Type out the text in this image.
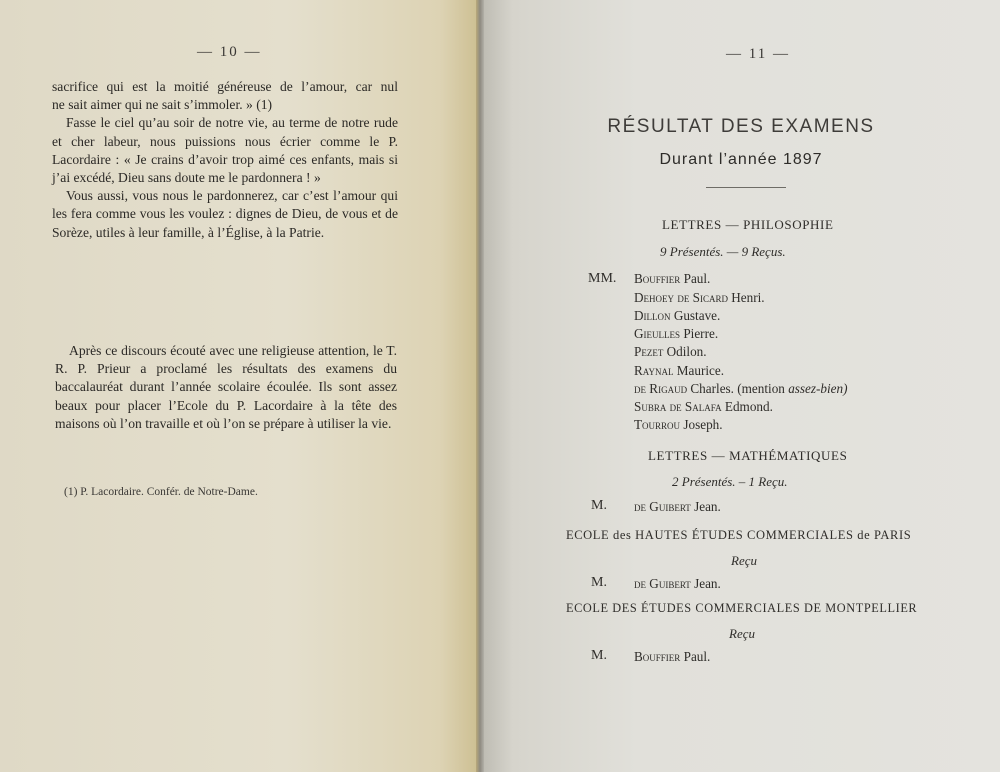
— 10 —

sacrifice qui est la moitié généreuse de l’amour, car nul

ne sait aimer qui ne sait s’immoler. » (1)

Fasse le ciel qu’au soir de notre vie, au terme de notre rude et cher labeur, nous puissions nous écrier comme le P. Lacordaire : « Je crains d’avoir trop aimé ces enfants, mais si j’ai excédé, Dieu sans doute me le pardonnera ! »

Vous aussi, vous nous le pardonnerez, car c’est l’amour qui les fera comme vous les voulez : dignes de Dieu, de vous et de Sorèze, utiles à leur famille, à l’Église, à la Patrie.

Après ce discours écouté avec une religieuse attention, le T. R. P. Prieur a proclamé les résultats des examens du baccalauréat durant l’année scolaire écoulée. Ils sont assez beaux pour placer l’Ecole du P. Lacordaire à la tête des maisons où l’on travaille et où l’on se prépare à utiliser la vie.

(1) P. Lacordaire. Confér. de Notre-Dame.
— 11 —
RÉSULTAT DES EXAMENS
Durant l’année 1897
LETTRES — PHILOSOPHIE
9 Présentés. — 9 Reçus.
MM. Bouffier Paul.
Dehoey de Sicard Henri.
Dillon Gustave.
Gieulles Pierre.
Pezet Odilon.
Raynal Maurice.
de Rigaud Charles. (mention assez-bien)
Subra de Salafa Edmond.
Tourrou Joseph.
LETTRES — MATHÉMATIQUES
2 Présentés. – 1 Reçu.
M. de Guibert Jean.
ECOLE des HAUTES ÉTUDES COMMERCIALES de PARIS
Reçu
M. de Guibert Jean.
ECOLE DES ÉTUDES COMMERCIALES DE MONTPELLIER
Reçu
M. Bouffier Paul.
